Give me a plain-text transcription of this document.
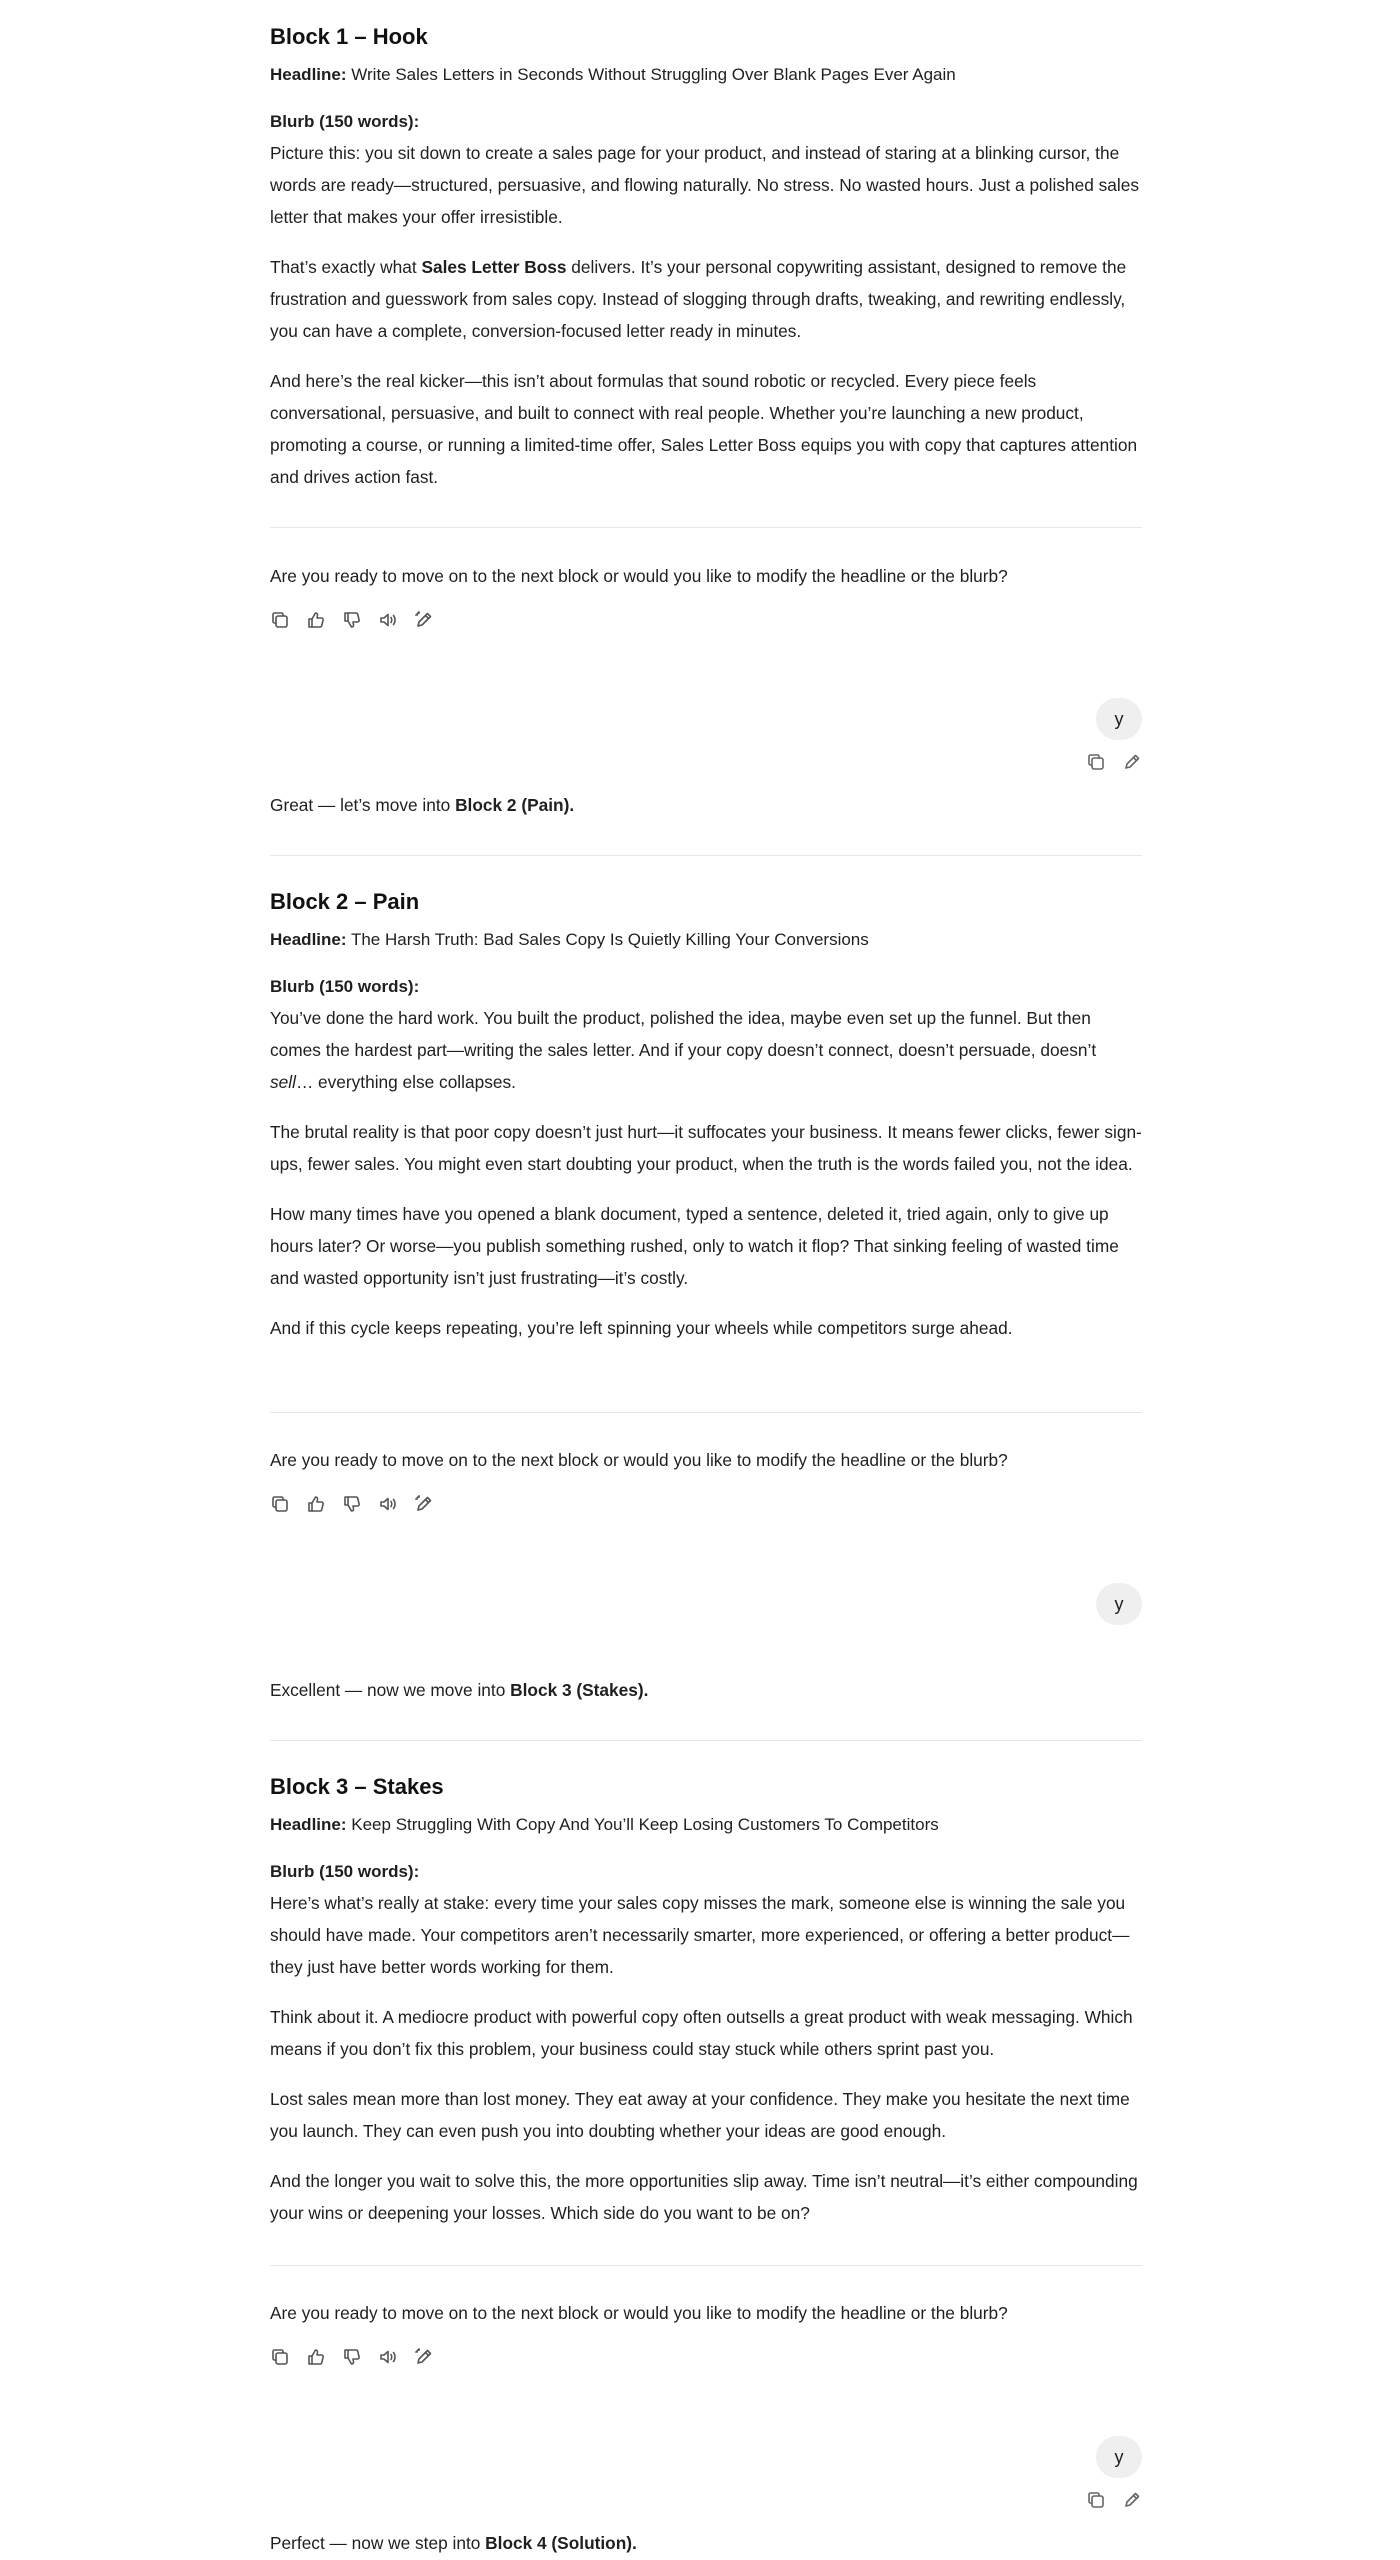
Block 1 – Hook
Headline: Write Sales Letters in Seconds Without Struggling Over Blank Pages Ever Again
Blurb (150 words):

Picture this: you sit down to create a sales page for your product, and instead of staring at a blinking cursor, the words are ready—structured, persuasive, and flowing naturally. No stress. No wasted hours. Just a polished sales letter that makes your offer irresistible.

That’s exactly what Sales Letter Boss delivers. It’s your personal copywriting assistant, designed to remove the frustration and guesswork from sales copy. Instead of slogging through drafts, tweaking, and rewriting endlessly, you can have a complete, conversion-focused letter ready in minutes.

And here’s the real kicker—this isn’t about formulas that sound robotic or recycled. Every piece feels conversational, persuasive, and built to connect with real people. Whether you’re launching a new product, promoting a course, or running a limited-time offer, Sales Letter Boss equips you with copy that captures attention and drives action fast.

Are you ready to move on to the next block or would you like to modify the headline or the blurb?
y
Great — let’s move into Block 2 (Pain).
Block 2 – Pain
Headline: The Harsh Truth: Bad Sales Copy Is Quietly Killing Your Conversions
Blurb (150 words):

You’ve done the hard work. You built the product, polished the idea, maybe even set up the funnel. But then comes the hardest part—writing the sales letter. And if your copy doesn’t connect, doesn’t persuade, doesn’t sell… everything else collapses.

The brutal reality is that poor copy doesn’t just hurt—it suffocates your business. It means fewer clicks, fewer sign-ups, fewer sales. You might even start doubting your product, when the truth is the words failed you, not the idea.

How many times have you opened a blank document, typed a sentence, deleted it, tried again, only to give up hours later? Or worse—you publish something rushed, only to watch it flop? That sinking feeling of wasted time and wasted opportunity isn’t just frustrating—it’s costly.

And if this cycle keeps repeating, you’re left spinning your wheels while competitors surge ahead.

Are you ready to move on to the next block or would you like to modify the headline or the blurb?
y
Excellent — now we move into Block 3 (Stakes).
Block 3 – Stakes
Headline: Keep Struggling With Copy And You’ll Keep Losing Customers To Competitors
Blurb (150 words):

Here’s what’s really at stake: every time your sales copy misses the mark, someone else is winning the sale you should have made. Your competitors aren’t necessarily smarter, more experienced, or offering a better product—they just have better words working for them.

Think about it. A mediocre product with powerful copy often outsells a great product with weak messaging. Which means if you don’t fix this problem, your business could stay stuck while others sprint past you.

Lost sales mean more than lost money. They eat away at your confidence. They make you hesitate the next time you launch. They can even push you into doubting whether your ideas are good enough.

And the longer you wait to solve this, the more opportunities slip away. Time isn’t neutral—it’s either compounding your wins or deepening your losses. Which side do you want to be on?

Are you ready to move on to the next block or would you like to modify the headline or the blurb?
y
Perfect — now we step into Block 4 (Solution).
